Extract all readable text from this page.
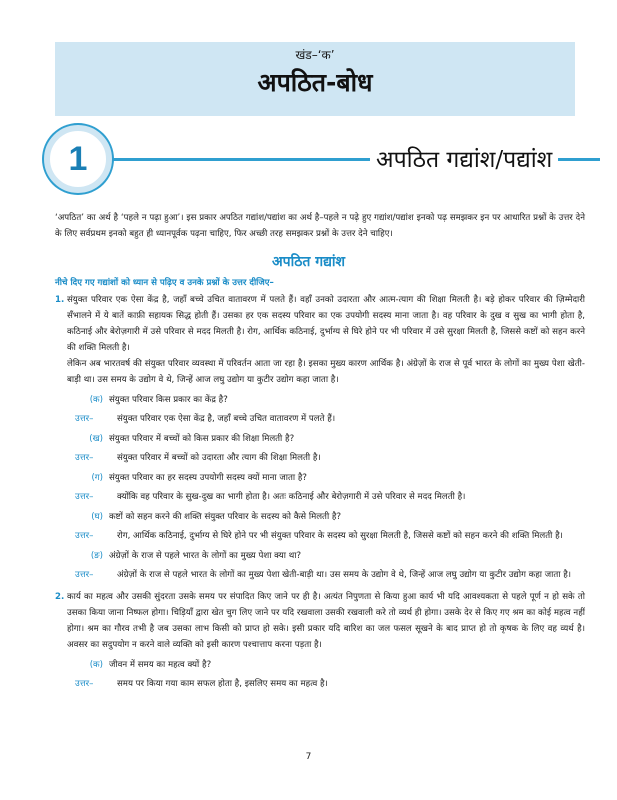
खंड–‘क’
अपठित-बोध
1	अपठित गद्यांश/पद्यांश
‘अपठित’ का अर्थ है ‘पहले न पढ़ा हुआ’। इस प्रकार अपठित गद्यांश/पद्यांश का अर्थ है–पहले न पढ़े हुए गद्यांश/पद्यांश इनको पढ़ समझकर इन पर आधारित प्रश्नों के उत्तर देने के लिए सर्वप्रथम इनको बहुत ही ध्यानपूर्वक पढ़ना चाहिए, फिर अच्छी तरह समझकर प्रश्नों के उत्तर देने चाहिए।
अपठित गद्यांश
नीचे दिए गए गद्यांशों को ध्यान से पढ़िए व उनके प्रश्नों के उत्तर दीजिए–
1. संयुक्त परिवार एक ऐसा केंद्र है, जहाँ बच्चे उचित वातावरण में पलते हैं। वहाँ उनको उदारता और आत्म-त्याग की शिक्षा मिलती है। बड़े होकर परिवार की ज़िम्मेदारी सँभालने में ये बातें काफ़ी सहायक सिद्ध होती हैं। उसका हर एक सदस्य परिवार का एक उपयोगी सदस्य माना जाता है। वह परिवार के दुख व सुख का भागी होता है, कठिनाई और बेरोज़गारी में उसे परिवार से मदद मिलती है। रोग, आर्थिक कठिनाई, दुर्भाग्य से घिरे होने पर भी परिवार में उसे सुरक्षा मिलती है, जिससे कष्टों को सहन करने की शक्ति मिलती है।
लेकिन अब भारतवर्ष की संयुक्त परिवार व्यवस्था में परिवर्तन आता जा रहा है। इसका मुख्य कारण आर्थिक है। अंग्रेज़ों के राज से पूर्व भारत के लोगों का मुख्य पेशा खेती-बाड़ी था। उस समय के उद्योग वे थे, जिन्हें आज लघु उद्योग या कुटीर उद्योग कहा जाता है।
(क) संयुक्त परिवार किस प्रकार का केंद्र है?
उत्तर–	संयुक्त परिवार एक ऐसा केंद्र है, जहाँ बच्चे उचित वातावरण में पलते हैं।
(ख) संयुक्त परिवार में बच्चों को किस प्रकार की शिक्षा मिलती है?
उत्तर–	संयुक्त परिवार में बच्चों को उदारता और त्याग की शिक्षा मिलती है।
(ग) संयुक्त परिवार का हर सदस्य उपयोगी सदस्य क्यों माना जाता है?
उत्तर–	क्योंकि वह परिवार के सुख-दुख का भागी होता है। अतः कठिनाई और बेरोज़गारी में उसे परिवार से मदद मिलती है।
(घ) कष्टों को सहन करने की शक्ति संयुक्त परिवार के सदस्य को कैसे मिलती है?
उत्तर–	रोग, आर्थिक कठिनाई, दुर्भाग्य से घिरे होने पर भी संयुक्त परिवार के सदस्य को सुरक्षा मिलती है, जिससे कष्टों को सहन करने की शक्ति मिलती है।
(ङ) अंग्रेज़ों के राज से पहले भारत के लोगों का मुख्य पेशा क्या था?
उत्तर–	अंग्रेज़ों के राज से पहले भारत के लोगों का मुख्य पेशा खेती-बाड़ी था। उस समय के उद्योग वे थे, जिन्हें आज लघु उद्योग या कुटीर उद्योग कहा जाता है।
2. कार्य का महत्व और उसकी सुंदरता उसके समय पर संपादित किए जाने पर ही है। अत्यंत निपुणता से किया हुआ कार्य भी यदि आवश्यकता से पहले पूर्ण न हो सके तो उसका किया जाना निष्फल होगा। चिड़ियाँ द्वारा खेत चुग लिए जाने पर यदि रखवाला उसकी रखवाली करे तो व्यर्थ ही होगा। उसके देर से किए गए श्रम का कोई महत्व नहीं होगा। श्रम का गौरव तभी है जब उसका लाभ किसी को प्राप्त हो सके। इसी प्रकार यदि बारिश का जल फसल सूखने के बाद प्राप्त हो तो कृषक के लिए वह व्यर्थ है। अवसर का सदुपयोग न करने वाले व्यक्ति को इसी कारण पश्चात्ताप करना पड़ता है।
(क) जीवन में समय का महत्व क्यों है?
उत्तर–	समय पर किया गया काम सफल होता है, इसलिए समय का महत्व है।
7
